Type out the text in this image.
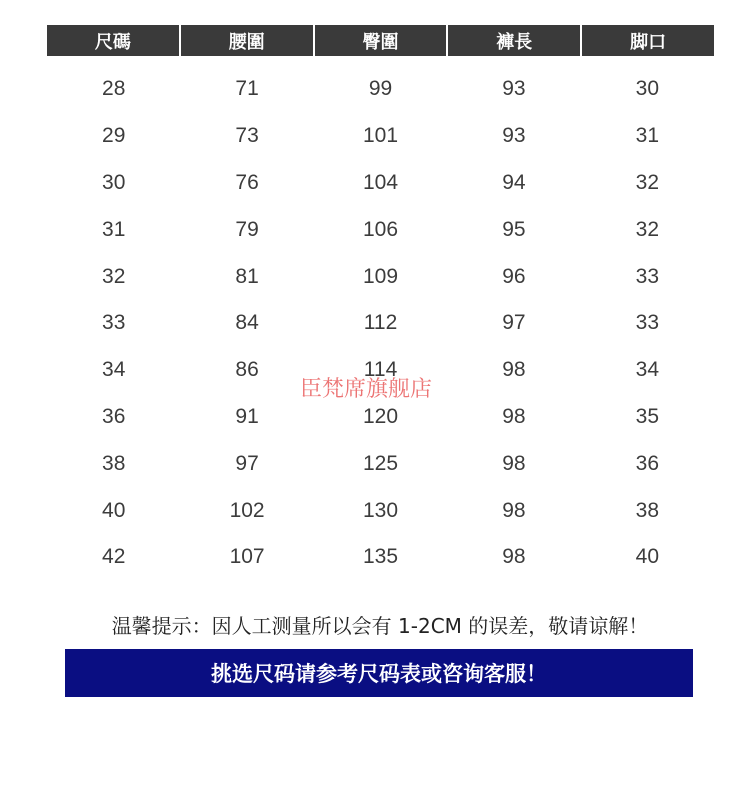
尺碼	腰圍	臀圍	褲長	脚口
28	71	99	93	30
29	73	101	93	31
30	76	104	94	32
31	79	106	95	32
32	81	109	96	33
33	84	112	97	33
34	86	114	98	34
36	91	120	98	35
38	97	125	98	36
40	102	130	98	38
42	107	135	98	40
臣梵席旗舰店
温馨提示：因人工测量所以会有 1-2CM 的误差，敬请谅解！
挑选尺码请参考尺码表或咨询客服！
